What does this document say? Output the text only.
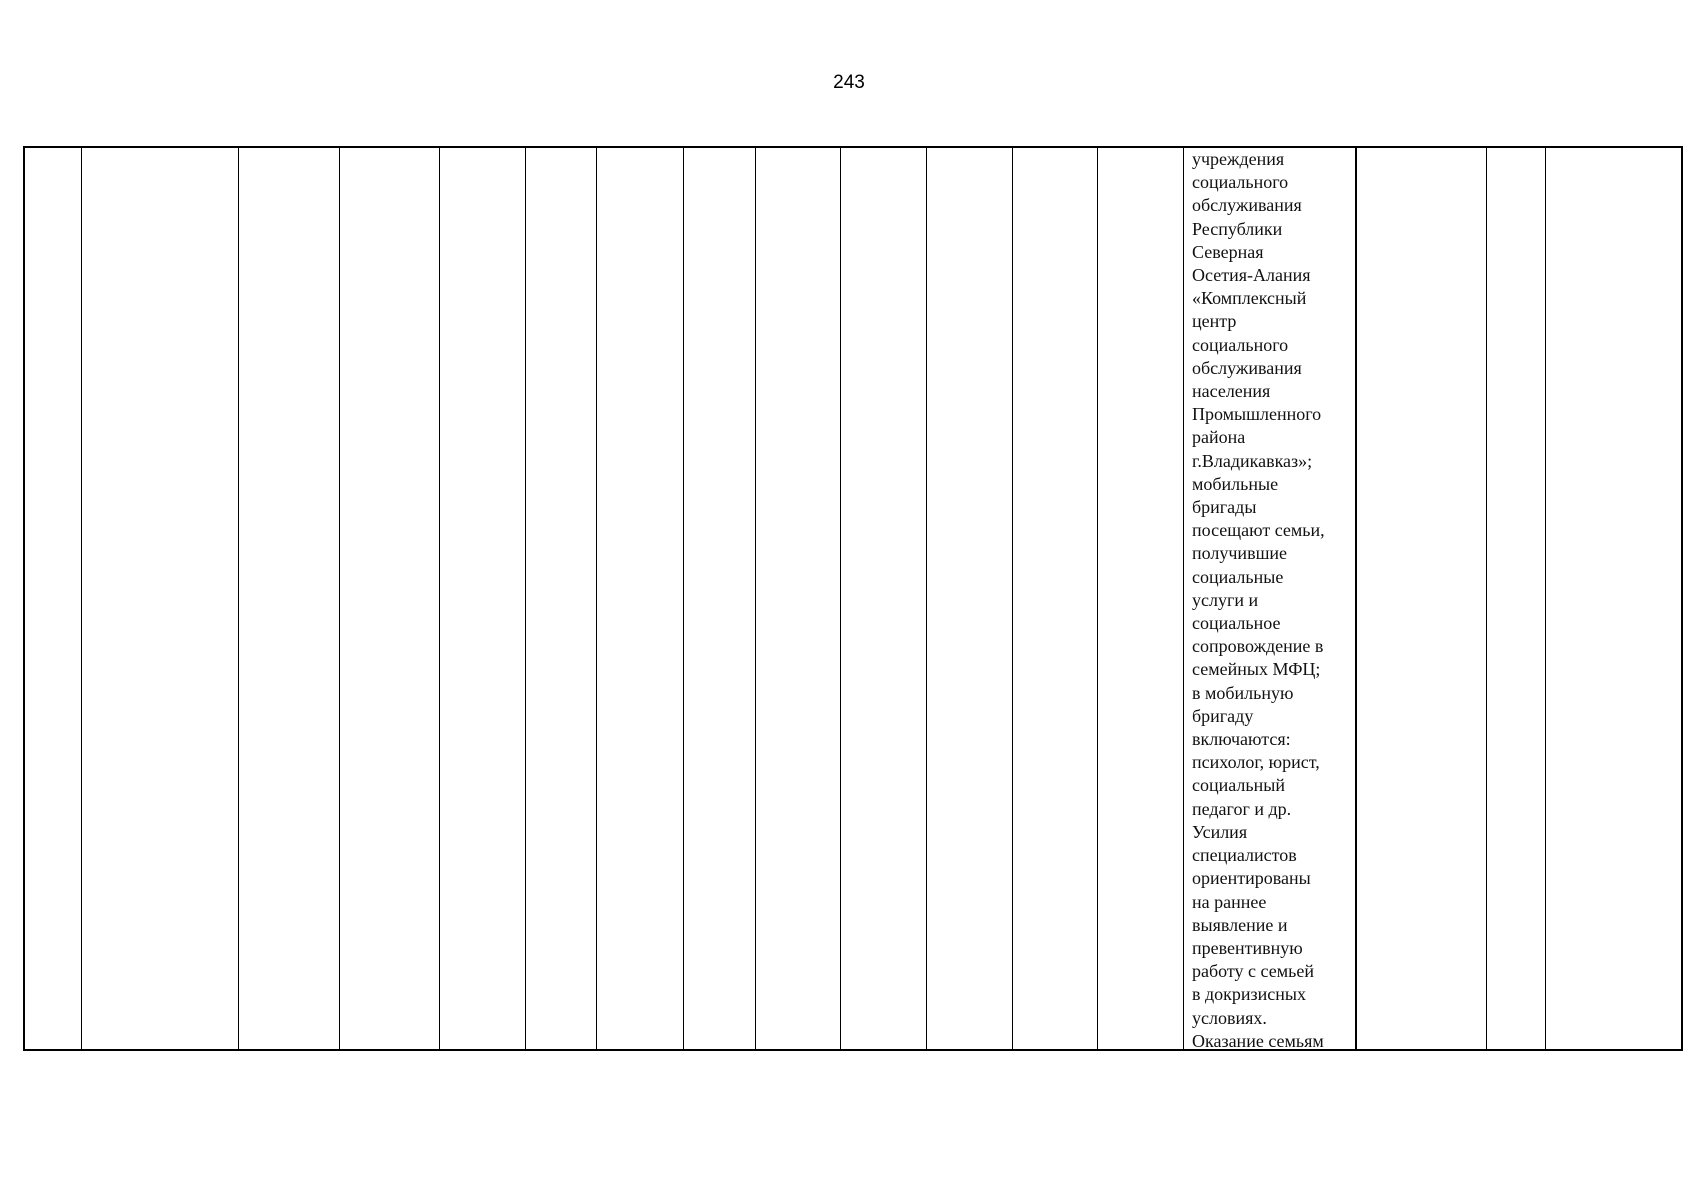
243
учреждения
социального
обслуживания
Республики
Северная
Осетия-Алания
«Комплексный
центр
социального
обслуживания
населения
Промышленного
района
г.Владикавказ»;
мобильные
бригады
посещают семьи,
получившие
социальные
услуги и
социальное
сопровождение в
семейных МФЦ;
в мобильную
бригаду
включаются:
психолог, юрист,
социальный
педагог и др.
Усилия
специалистов
ориентированы
на раннее
выявление и
превентивную
работу с семьей
в докризисных
условиях.
Оказание семьям
